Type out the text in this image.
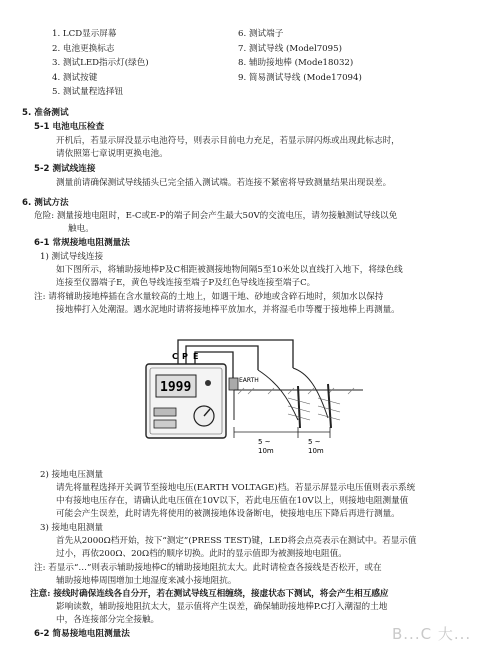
1. LCD显示屏幕
2. 电池更换标志
3. 测试LED指示灯(绿色)
4. 测试按键
5. 测试量程选择钮
6. 测试端子
7. 测试导线 (Model7095)
8. 辅助接地棒 (Mode18032)
9. 简易测试导线 (Mode17094)
5. 准备测试
5-1 电池电压检查
开机后，若显示屏没显示电池符号，则表示目前电力充足，若显示屏闪烁或出现此标志时，
请依照第七章说明更换电池。
5-2 测试线连接
测量前请确保测试导线插头已完全插入测试端。若连接不紧密将导致测量结果出现误差。
6. 测试方法
危险: 测量接地电阻时，E-C或E-P的端子间会产生最大50V的交流电压，请勿接触测试导线以免
触电。
6-1 常规接地电阻测量法
1) 测试导线连接
如下图所示，将辅助接地棒P及C相距被测接地物间隔5至10米处以直线打入地下，将绿色线
连接至仪器端子E，黄色导线连接至端子P及红色导线连接至端子C。
注: 请将辅助接地棒插在含水量较高的土地上，如遇干地、砂地或含碎石地时，须加水以保持
接地棒打入处潮湿。遇水泥地时请将接地棒平放加水，并将湿毛巾等覆于接地棒上再测量。
C P E
1999	EARTH
5 ~
10m
5 ~
10m
2) 接地电压测量
请先将量程选择开关调节至接地电压(EARTH VOLTAGE)档。若显示屏显示电压值则表示系统
中有接地电压存在，请确认此电压值在10V以下，若此电压值在10V以上，则接地电阻测量值
可能会产生误差，此时请先将使用的被测接地体设备断电，使接地电压下降后再进行测量。
3) 接地电阻测量
首先从2000Ω档开始，按下“测定”(PRESS TEST)键，LED将会点亮表示在测试中。若显示值
过小，再依200Ω、20Ω档的顺序切换。此时的显示值即为被测接地电阻值。
注: 若显示“…”则表示辅助接地棒C的辅助接地阻抗太大。此时请检查各接线是否松开，或在
辅助接地棒周围增加土地湿度来减小接地阻抗。
注意: 接线时确保连线各自分开，若在测试导线互相缠绕，接虚状态下测试，将会产生相互感应
影响读数，辅助接地阻抗太大，显示值将产生误差，确保辅助接地棒P.C打入潮湿的土地
中，各连接部分完全接触。
6-2 简易接地电阻测量法	B...C 大...
